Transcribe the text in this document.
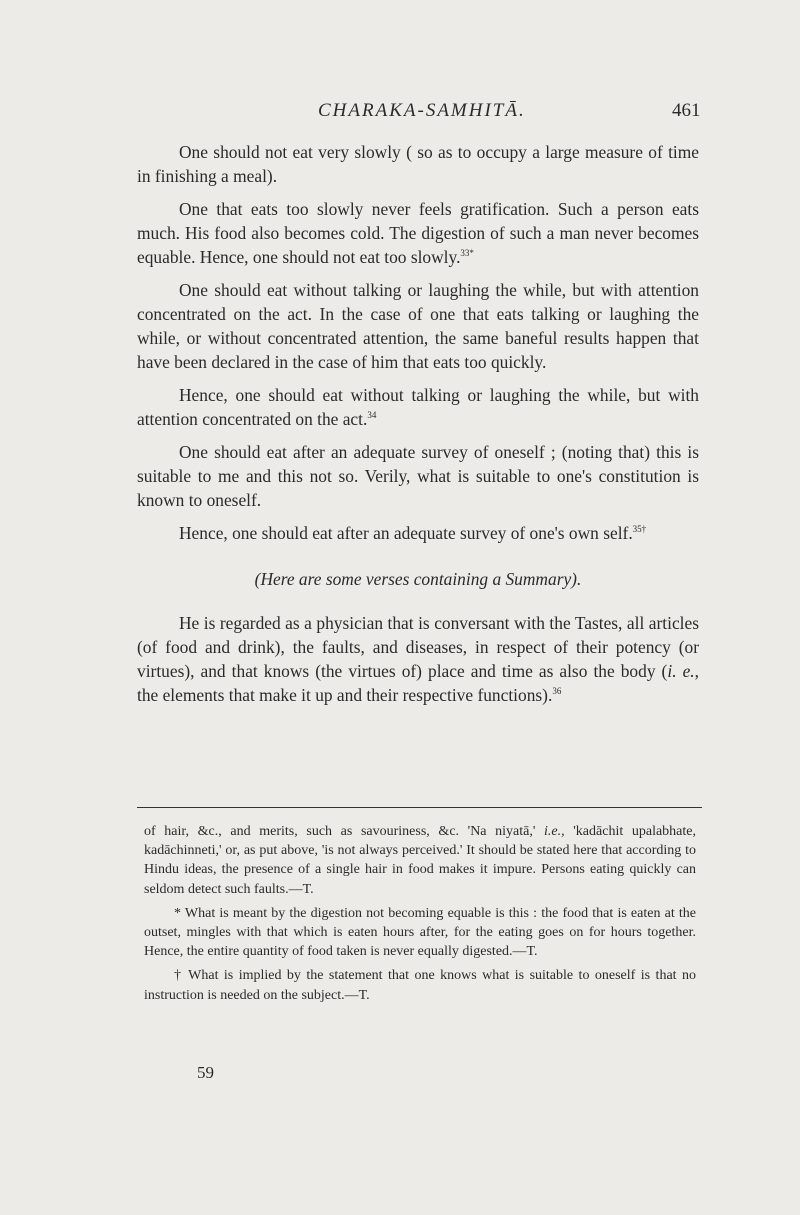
CHARAKA-SAMHITĀ.	461

One should not eat very slowly ( so as to occupy a large measure of time in finishing a meal).

One that eats too slowly never feels gratification. Such a person eats much. His food also becomes cold. The digestion of such a man never becomes equable. Hence, one should not eat too slowly.$^{33*}$

One should eat without talking or laughing the while, but with attention concentrated on the act. In the case of one that eats talking or laughing the while, or without concentrated attention, the same baneful results happen that have been declared in the case of him that eats too quickly.

Hence, one should eat without talking or laughing the while, but with attention concentrated on the act.$^{34}$

One should eat after an adequate survey of oneself ; (noting that) this is suitable to me and this not so. Verily, what is suitable to one's constitution is known to oneself.

Hence, one should eat after an adequate survey of one's own self.$^{35\dagger}$

(Here are some verses containing a Summary).

He is regarded as a physician that is conversant with the Tastes, all articles (of food and drink), the faults, and diseases, in respect of their potency (or virtues), and that knows (the virtues of) place and time as also the body (i. e., the elements that make it up and their respective functions).$^{36}$

of hair, &c., and merits, such as savouriness, &c. 'Na niyatā,' i.e., 'kadāchit upalabhate, kadāchinneti,' or, as put above, 'is not always perceived.' It should be stated here that according to Hindu ideas, the presence of a single hair in food makes it impure. Persons eating quickly can seldom detect such faults.—T.

* What is meant by the digestion not becoming equable is this : the food that is eaten at the outset, mingles with that which is eaten hours after, for the eating goes on for hours together. Hence, the entire quantity of food taken is never equally digested.—T.

† What is implied by the statement that one knows what is suitable to oneself is that no instruction is needed on the subject.—T.

59
